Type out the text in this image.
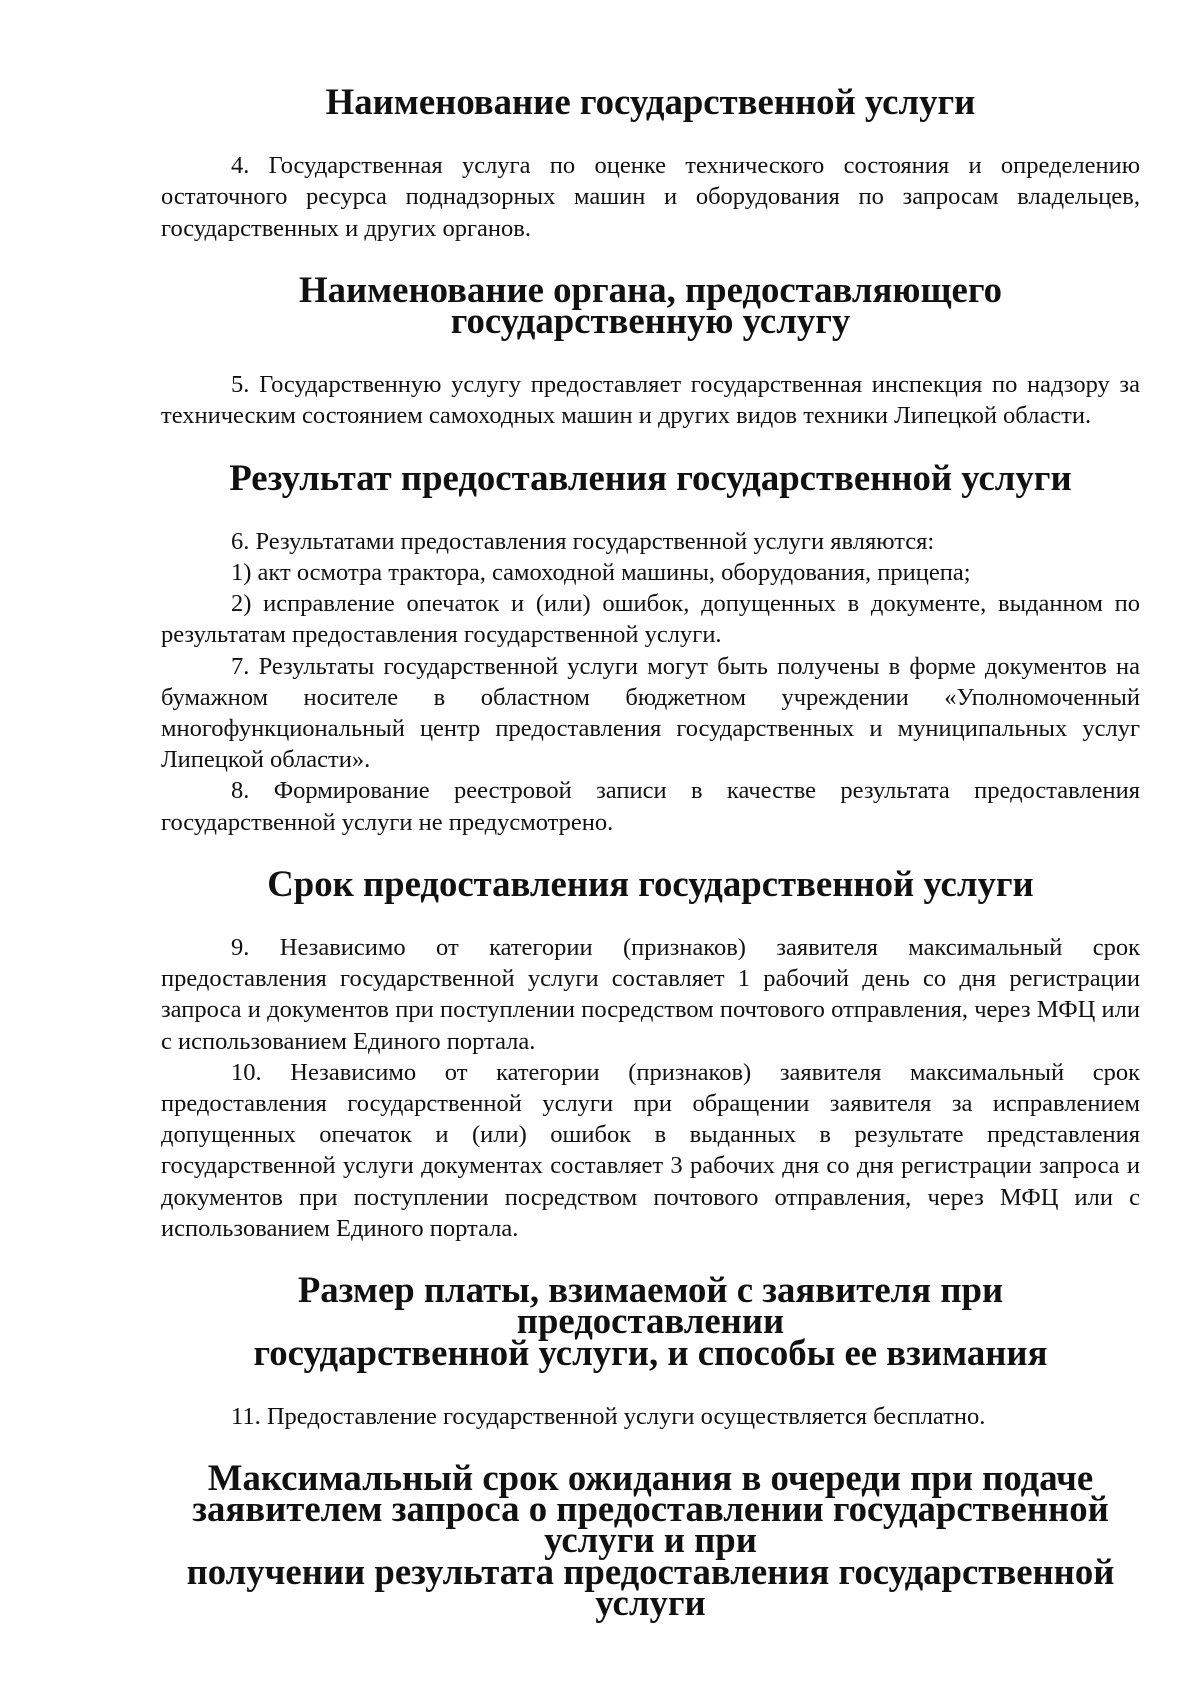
Наименование государственной услуги

4. Государственная услуга по оценке технического состояния и определению остаточного ресурса поднадзорных машин и оборудования по запросам владельцев, государственных и других органов.

Наименование органа, предоставляющего государственную услугу

5. Государственную услугу предоставляет государственная инспекция по надзору за техническим состоянием самоходных машин и других видов техники Липецкой области.

Результат предоставления государственной услуги

6. Результатами предоставления государственной услуги являются:

1) акт осмотра трактора, самоходной машины, оборудования, прицепа;

2) исправление опечаток и (или) ошибок, допущенных в документе, выданном по результатам предоставления государственной услуги.

7. Результаты государственной услуги могут быть получены в форме документов на бумажном носителе в областном бюджетном учреждении «Уполномоченный многофункциональный центр предоставления государственных и муниципальных услуг Липецкой области».

8. Формирование реестровой записи в качестве результата предоставления государственной услуги не предусмотрено.

Срок предоставления государственной услуги

9. Независимо от категории (признаков) заявителя максимальный срок предоставления государственной услуги составляет 1 рабочий день со дня регистрации запроса и документов при поступлении посредством почтового отправления, через МФЦ или с использованием Единого портала.

10. Независимо от категории (признаков) заявителя максимальный срок предоставления государственной услуги при обращении заявителя за исправлением допущенных опечаток и (или) ошибок в выданных в результате представления государственной услуги документах составляет 3 рабочих дня со дня регистрации запроса и документов при поступлении посредством почтового отправления, через МФЦ или с использованием Единого портала.

Размер платы, взимаемой с заявителя при предоставлении
государственной услуги, и способы ее взимания

11. Предоставление государственной услуги осуществляется бесплатно.

Максимальный срок ожидания в очереди при подаче
заявителем запроса о предоставлении государственной услуги и при
получении результата предоставления государственной услуги
